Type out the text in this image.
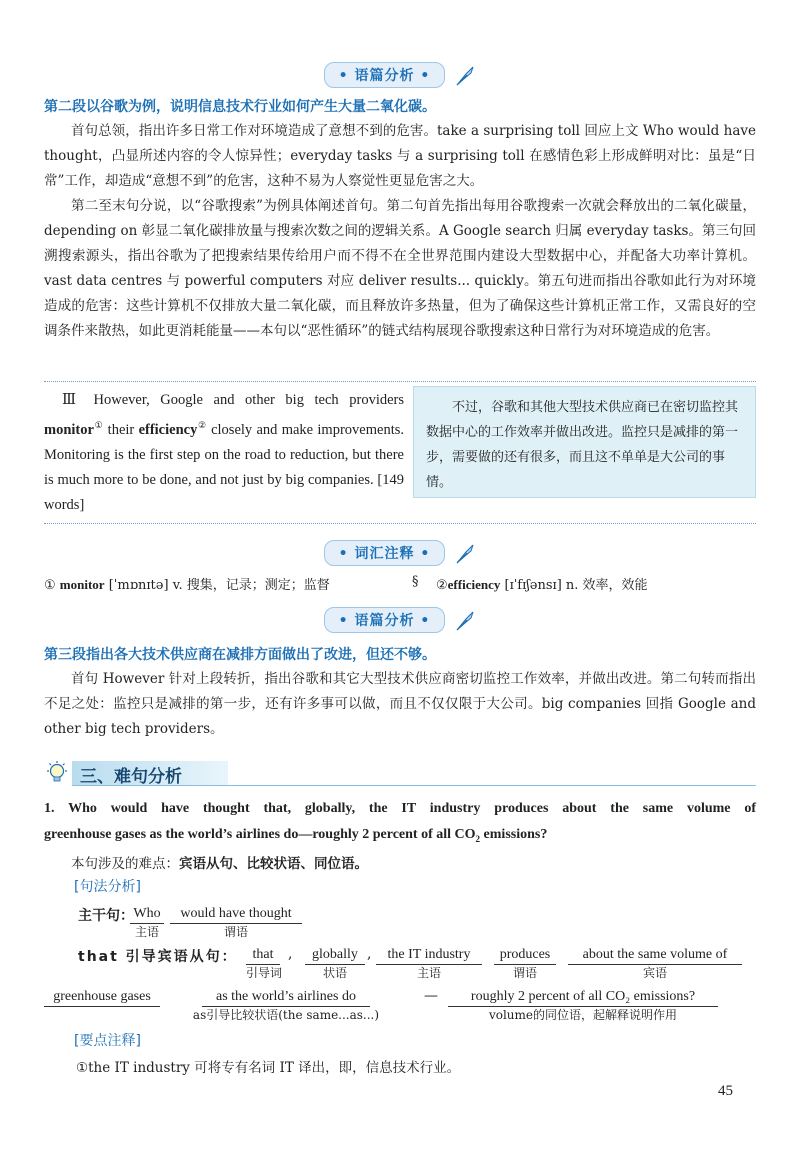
• 语篇分析 •
第二段以谷歌为例，说明信息技术行业如何产生大量二氧化碳。

首句总领，指出许多日常工作对环境造成了意想不到的危害。take a surprising toll 回应上文 Who would have thought，凸显所述内容的令人惊异性；everyday tasks 与 a surprising toll 在感情色彩上形成鲜明对比：虽是“日常”工作，却造成“意想不到”的危害，这种不易为人察觉性更显危害之大。

第二至末句分说，以“谷歌搜索”为例具体阐述首句。第二句首先指出每用谷歌搜索一次就会释放出的二氧化碳量，depending on 彰显二氧化碳排放量与搜索次数之间的逻辑关系。A Google search 归属 everyday tasks。第三句回溯搜索源头，指出谷歌为了把搜索结果传给用户而不得不在全世界范围内建设大型数据中心，并配备大功率计算机。vast data centres 与 powerful computers 对应 deliver results... quickly。第五句进而指出谷歌如此行为对环境造成的危害：这些计算机不仅排放大量二氧化碳，而且释放许多热量，但为了确保这些计算机正常工作，又需良好的空调条件来散热，如此更消耗能量——本句以“恶性循环”的链式结构展现谷歌搜索这种日常行为对环境造成的危害。

Ⅲ However, Google and other big tech providers monitor① their efficiency② closely and make improvements. Monitoring is the first step on the road to reduction, but there is much more to be done, and not just by big companies. [149 words]

不过，谷歌和其他大型技术供应商已在密切监控其数据中心的工作效率并做出改进。监控只是减排的第一步，需要做的还有很多，而且这不单单是大公司的事情。
• 词汇注释 •
① monitor [ˈmɒnɪtə] v. 搜集，记录；测定；监督	§ ②efficiency [ɪˈfɪʃənsɪ] n. 效率，效能
• 语篇分析 •
第三段指出各大技术供应商在减排方面做出了改进，但还不够。

首句 However 针对上段转折，指出谷歌和其它大型技术供应商密切监控工作效率，并做出改进。第二句转而指出不足之处：监控只是减排的第一步，还有许多事可以做，而且不仅仅限于大公司。big companies 回指 Google and other big tech providers。

三、难句分析
1. Who would have thought that, globally, the IT industry produces about the same volume of
greenhouse gases as the world’s airlines do—roughly 2 percent of all $CO_2$ emissions?
本句涉及的难点：宾语从句、比较状语、同位语。
[句法分析]
主干句： Who
主语
would have thought
谓语
that 引导宾语从句：	that
引导词
,	globally
状语
,	the IT industry
主语
produces
谓语
about the same volume of
宾语
greenhouse gases	as the world’s airlines do
as引导比较状语(the same...as...)
—	roughly 2 percent of all CO₂ emissions?
volume的同位语，起解释说明作用
[要点注释]
①the IT industry 可将专有名词 IT 译出，即，信息技术行业。
45
